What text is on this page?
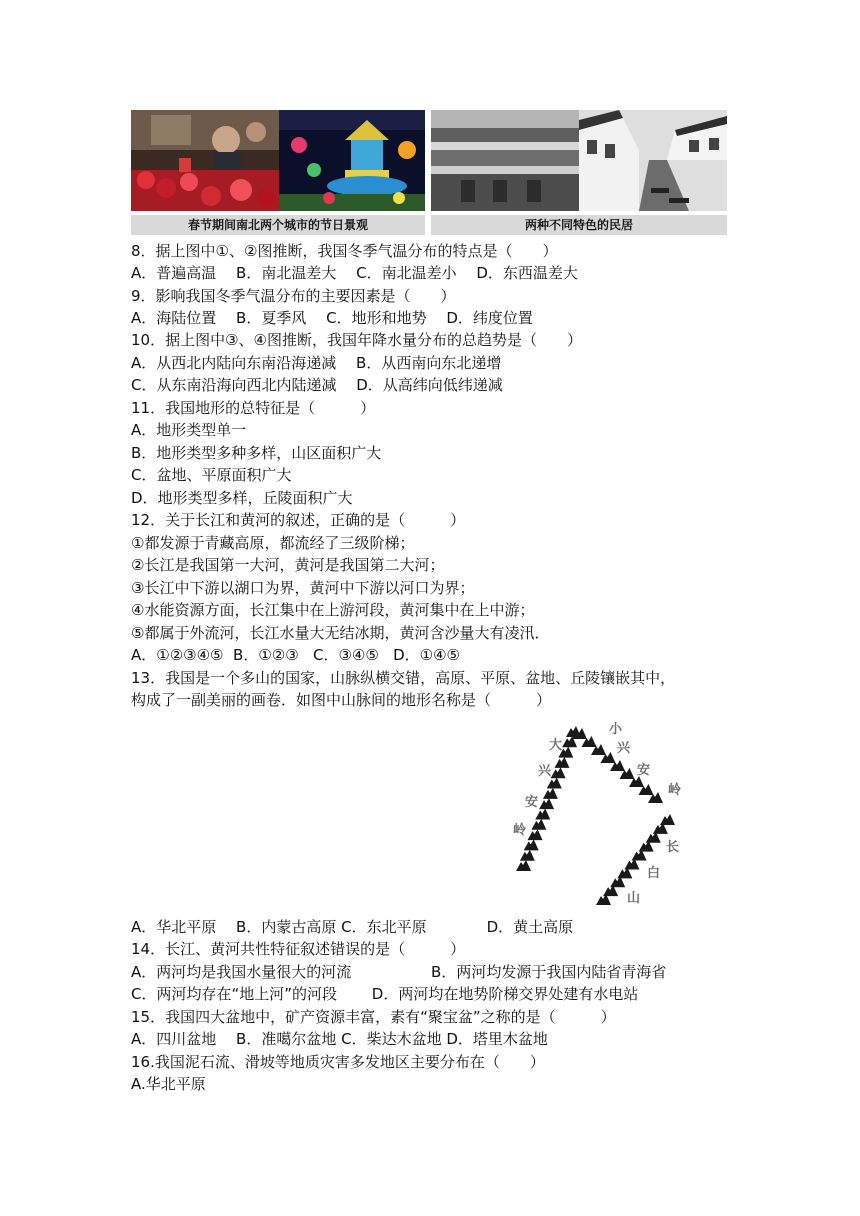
春节期间南北两个城市的节日景观	两种不同特色的民居
8．据上图中①、②图推断，我国冬季气温分布的特点是（　　）
A．普遍高温　 B．南北温差大　 C．南北温差小　 D．东西温差大
9．影响我国冬季气温分布的主要因素是（　　）
A．海陆位置　 B．夏季风　 C．地形和地势　 D．纬度位置
10．据上图中③、④图推断，我国年降水量分布的总趋势是（　　）
A．从西北内陆向东南沿海递减　 B．从西南向东北递增
C．从东南沿海向西北内陆递减　 D．从高纬向低纬递减
11．我国地形的总特征是（　　　）
A．地形类型单一
B．地形类型多种多样，山区面积广大
C．盆地、平原面积广大
D．地形类型多样，丘陵面积广大
12．关于长江和黄河的叙述，正确的是（　　　）
①都发源于青藏高原，都流经了三级阶梯；
②长江是我国第一大河，黄河是我国第二大河；
③长江中下游以湖口为界，黄河中下游以河口为界；
④水能资源方面，长江集中在上游河段，黄河集中在上中游；
⑤都属于外流河，长江水量大无结冰期，黄河含沙量大有凌汛．
A．①②③④⑤  B．①②③   C．③④⑤   D．①④⑤
13．我国是一个多山的国家，山脉纵横交错，高原、平原、盆地、丘陵镶嵌其中，
构成了一副美丽的画卷．如图中山脉间的地形名称是（　　　）
大
兴
安
岭
小
兴
安
岭
长
白
山
A．华北平原　 B．内蒙古高原 C．东北平原　　　　D．黄土高原
14．长江、黄河共性特征叙述错误的是（　　　）
A．两河均是我国水量很大的河流　　　　　 B．两河均发源于我国内陆省青海省
C．两河均存在“地上河”的河段　　 D．两河均在地势阶梯交界处建有水电站
15．我国四大盆地中，矿产资源丰富，素有“聚宝盆”之称的是（　　　）
A．四川盆地　 B．准噶尔盆地 C．柴达木盆地 D．塔里木盆地
16.我国泥石流、滑坡等地质灾害多发地区主要分布在（　　）
A.华北平原
